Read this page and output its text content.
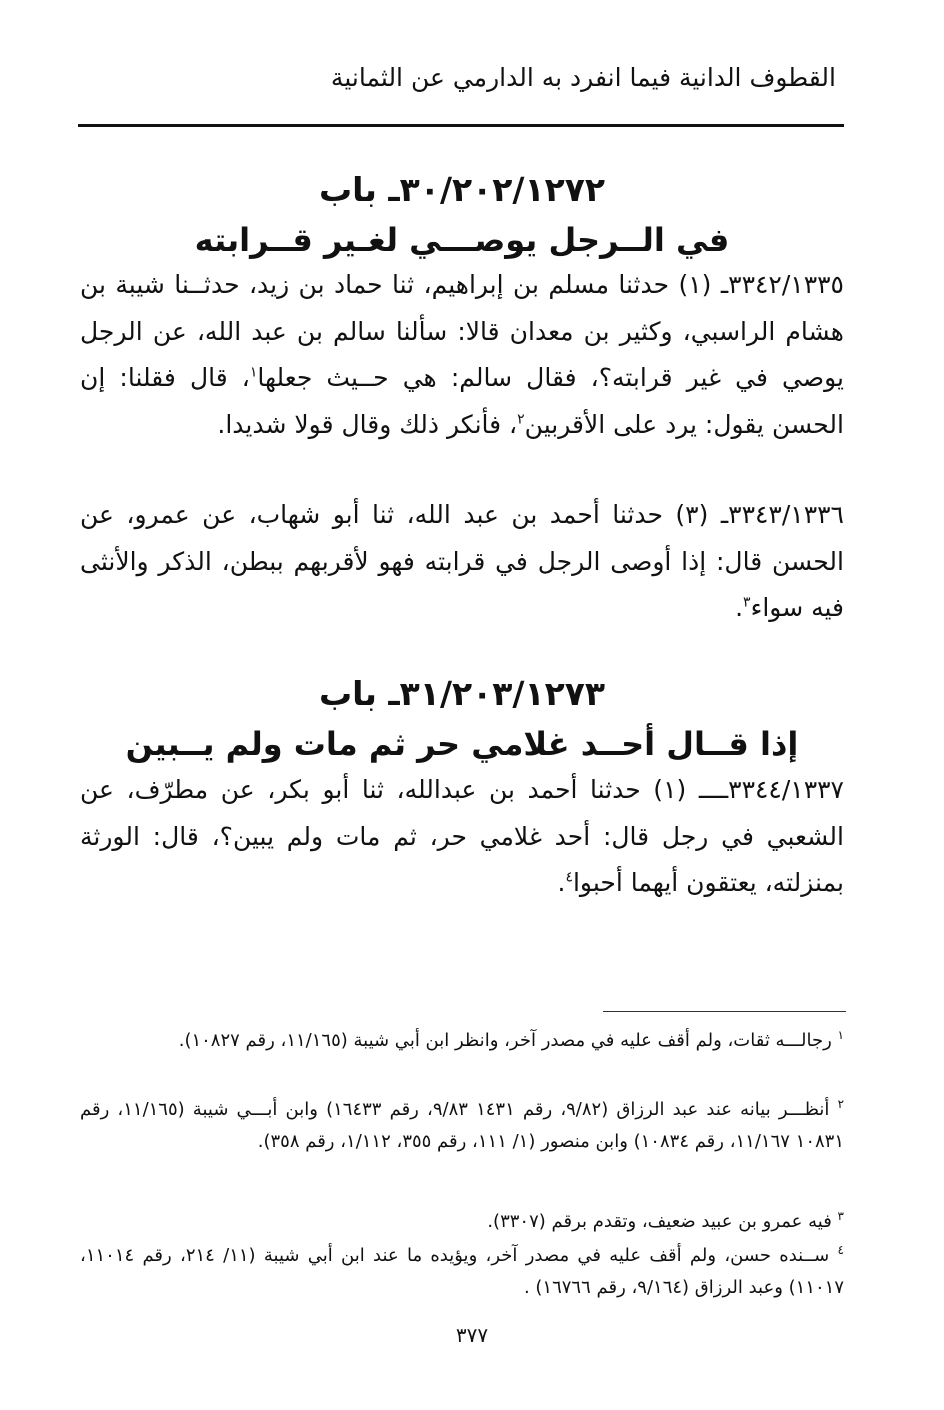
القطوف الدانية فيما انفرد به الدارمي عن الثمانية
٣٠/٢٠٢/١٢٧٢ـ باب
في الــرجل يوصـــي لغـير قــرابته

٣٣٤٢/١٣٣٥ـ (١) حدثنا مسلم بن إبراهيم، ثنا حماد بن زيد، حدثــنا شيبة بن هشام الراسبي، وكثير بن معدان قالا: سألنا سالم بن عبد الله، عن الرجل يوصي في غير قرابته؟، فقال سالم: هي حــيث جعلها$^١$، قال فقلنا: إن الحسن يقول: يرد على الأقربين$^٢$، فأنكر ذلك وقال قولا شديدا.

٣٣٤٣/١٣٣٦ـ (٣) حدثنا أحمد بن عبد الله، ثنا أبو شهاب، عن عمرو، عن الحسن قال: إذا أوصى الرجل في قرابته فهو لأقربهم ببطن، الذكر والأنثى فيه سواء$^٣$.

٣١/٢٠٣/١٢٧٣ـ باب
إذا قــال أحــد غلامي حر ثم مات ولم يــبين

٣٣٤٤/١٣٣٧ــــ (١) حدثنا أحمد بن عبدالله، ثنا أبو بكر، عن مطرّف، عن الشعبي في رجل قال: أحد غلامي حر، ثم مات ولم يبين؟، قال: الورثة بمنزلته، يعتقون أيهما أحبوا$^٤$.

$^١$ رجالـــه ثقات، ولم أقف عليه في مصدر آخر، وانظر ابن أبي شيبة (١١/١٦٥، رقم ١٠٨٢٧).

$^٢$ أنظـــر بيانه عند عبد الرزاق (٩/٨٢، رقم ١٤٣١ ٩/٨٣، رقم ١٦٤٣٣) وابن أبـــي شيبة (١١/١٦٥، رقم ١٠٨٣١ ١١/١٦٧، رقم ١٠٨٣٤) وابن منصور (١/ ١١١، رقم ٣٥٥، ١/١١٢، رقم ٣٥٨).

$^٣$ فيه عمرو بن عبيد ضعيف، وتقدم برقم (٣٣٠٧).

$^٤$ ســنده حسن، ولم أقف عليه في مصدر آخر، ويؤيده ما عند ابن أبي شيبة (١١/ ٢١٤، رقم ١١٠١٤، ١١٠١٧) وعبد الرزاق (٩/١٦٤، رقم ١٦٧٦٦) .

٣٧٧
